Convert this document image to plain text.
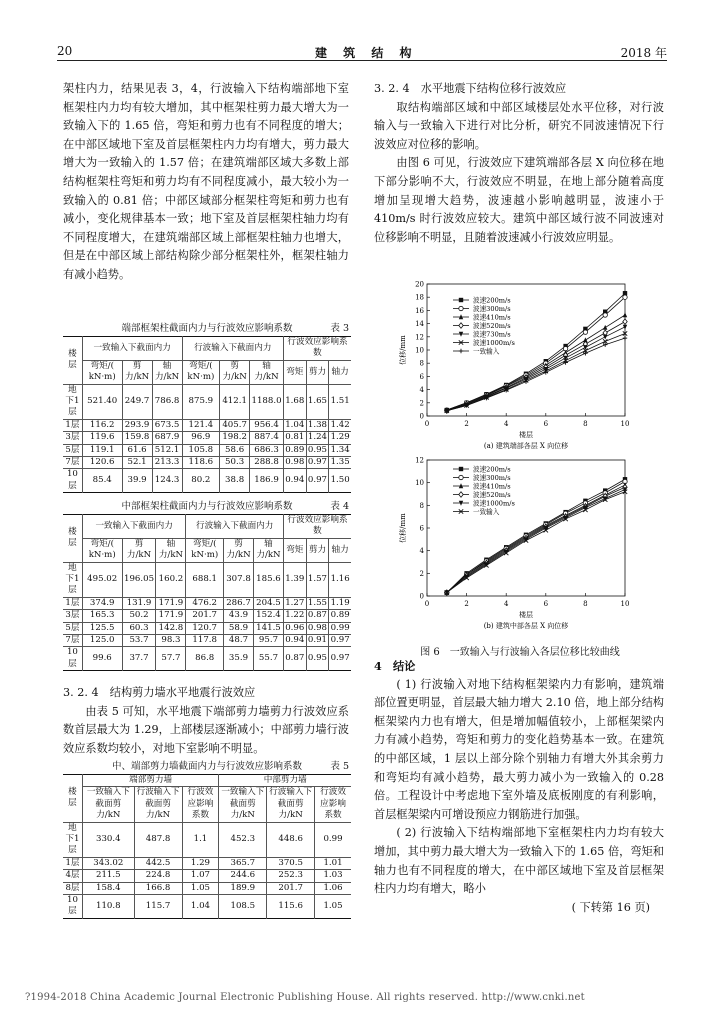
20	建 筑 结 构	2018 年

架柱内力，结果见表 3，4，行波输入下结构端部地下室框架柱内力均有较大增加，其中框架柱剪力最大增大为一致输入下的 1.65 倍，弯矩和剪力也有不同程度的增大；在中部区域地下室及首层框架柱内力均有增大，剪力最大增大为一致输入的 1.57 倍；在建筑端部区域大多数上部结构框架柱弯矩和剪力均有不同程度减小，最大较小为一致输入的 0.81 倍；中部区域部分框架柱弯矩和剪力也有减小，变化规律基本一致；地下室及首层框架柱轴力均有不同程度增大，在建筑端部区域上部框架柱轴力也增大，但是在中部区域上部结构除少部分框架柱外，框架柱轴力有减小趋势。

端部框架柱截面内力与行波效应影响系数	表 3
楼层	一致输入下截面内力			行波输入下截面内力			行波效应影响系数		
	弯矩/( kN·m)	剪力/kN	轴力/kN	弯矩/( kN·m)	剪力/kN	轴力/kN	弯矩	剪力	轴力
地下1层	521.40	249.7	786.8	875.9	412.1	1188.0	1.68	1.65	1.51
1层	116.2	293.9	673.5	121.4	405.7	956.4	1.04	1.38	1.42
3层	119.6	159.8	687.9	96.9	198.2	887.4	0.81	1.24	1.29
5层	119.1	61.6	512.1	105.8	58.6	686.3	0.89	0.95	1.34
7层	120.6	52.1	213.3	118.6	50.3	288.8	0.98	0.97	1.35
10层	85.4	39.9	124.3	80.2	38.8	186.9	0.94	0.97	1.50
中部框架柱截面内力与行波效应影响系数	表 4
楼层	一致输入下截面内力			行波输入下截面内力			行波效应影响系数		
	弯矩/( kN·m)	剪力/kN	轴力/kN	弯矩/( kN·m)	剪力/kN	轴力/kN	弯矩	剪力	轴力
地下1层	495.02	196.05	160.2	688.1	307.8	185.6	1.39	1.57	1.16
1层	374.9	131.9	171.9	476.2	286.7	204.5	1.27	1.55	1.19
3层	165.3	50.2	171.9	201.7	43.9	152.4	1.22	0.87	0.89
5层	125.5	60.3	142.8	120.7	58.9	141.5	0.96	0.98	0.99
7层	125.0	53.7	98.3	117.8	48.7	95.7	0.94	0.91	0.97
10层	99.6	37.7	57.7	86.8	35.9	55.7	0.87	0.95	0.97
3. 2. 4　结构剪力墙水平地震行波效应

由表 5 可知，水平地震下端部剪力墙剪力行波效应系数首层最大为 1.29，上部楼层逐渐减小；中部剪力墙行波效应系数均较小，对地下室影响不明显。

中、端部剪力墙截面内力与行波效应影响系数	表 5
楼层	端部剪力墙			中部剪力墙		
	一致输入下截面剪力/kN	行波输入下截面剪力/kN	行波效应影响系数	一致输入下截面剪力/kN	行波输入下截面剪力/kN	行波效应影响系数
地下1层	330.4	487.8	1.1	452.3	448.6	0.99
1层	343.02	442.5	1.29	365.7	370.5	1.01
4层	211.5	224.8	1.07	244.6	252.3	1.03
8层	158.4	166.8	1.05	189.9	201.7	1.06
10层	110.8	115.7	1.04	108.5	115.6	1.05
3. 2. 4　水平地震下结构位移行波效应

取结构端部区域和中部区域楼层处水平位移，对行波输入与一致输入下进行对比分析，研究不同波速情况下行波效应对位移的影响。

由图 6 可见，行波效应下建筑端部各层 X 向位移在地下部分影响不大，行波效应不明显，在地上部分随着高度增加呈现增大趋势，波速越小影响越明显，波速小于 410m/s 时行波效应较大。建筑中部区域行波不同波速对位移影响不明显，且随着波速减小行波效应明显。

0
2
4
6
8
10
12
14
16
18
20
0	2	4	6	8	10
位移/mm
楼层
(a) 建筑端部各层 X 向位移
波速200m/s
波速300m/s
波速410m/s
波速520m/s
波速730m/s
波速1000m/s
一致输入
0
2
4
6
8
10
12
0	2	4	6	8	10
位移/mm
楼层
(b) 建筑中部各层 X 向位移
波速200m/s
波速300m/s
波速410m/s
波速520m/s
波速1000m/s
一致输入
图 6　一致输入与行波输入各层位移比较曲线
4　结论

( 1) 行波输入对地下结构框架梁内力有影响，建筑端部位置更明显，首层最大轴力增大 2.10 倍，地上部分结构框架梁内力也有增大，但是增加幅值较小，上部框架梁内力有减小趋势，弯矩和剪力的变化趋势基本一致。在建筑的中部区域，1 层以上部分除个别轴力有增大外其余剪力和弯矩均有减小趋势，最大剪力减小为一致输入的 0.28 倍。工程设计中考虑地下室外墙及底板刚度的有利影响，首层框架梁内可增设预应力钢筋进行加强。

( 2) 行波输入下结构端部地下室框架柱内力均有较大增加，其中剪力最大增大为一致输入下的 1.65 倍，弯矩和轴力也有不同程度的增大，在中部区域地下室及首层框架柱内力均有增大，略小

( 下转第 16 页)

?1994-2018 China Academic Journal Electronic Publishing House. All rights reserved. http://www.cnki.net
